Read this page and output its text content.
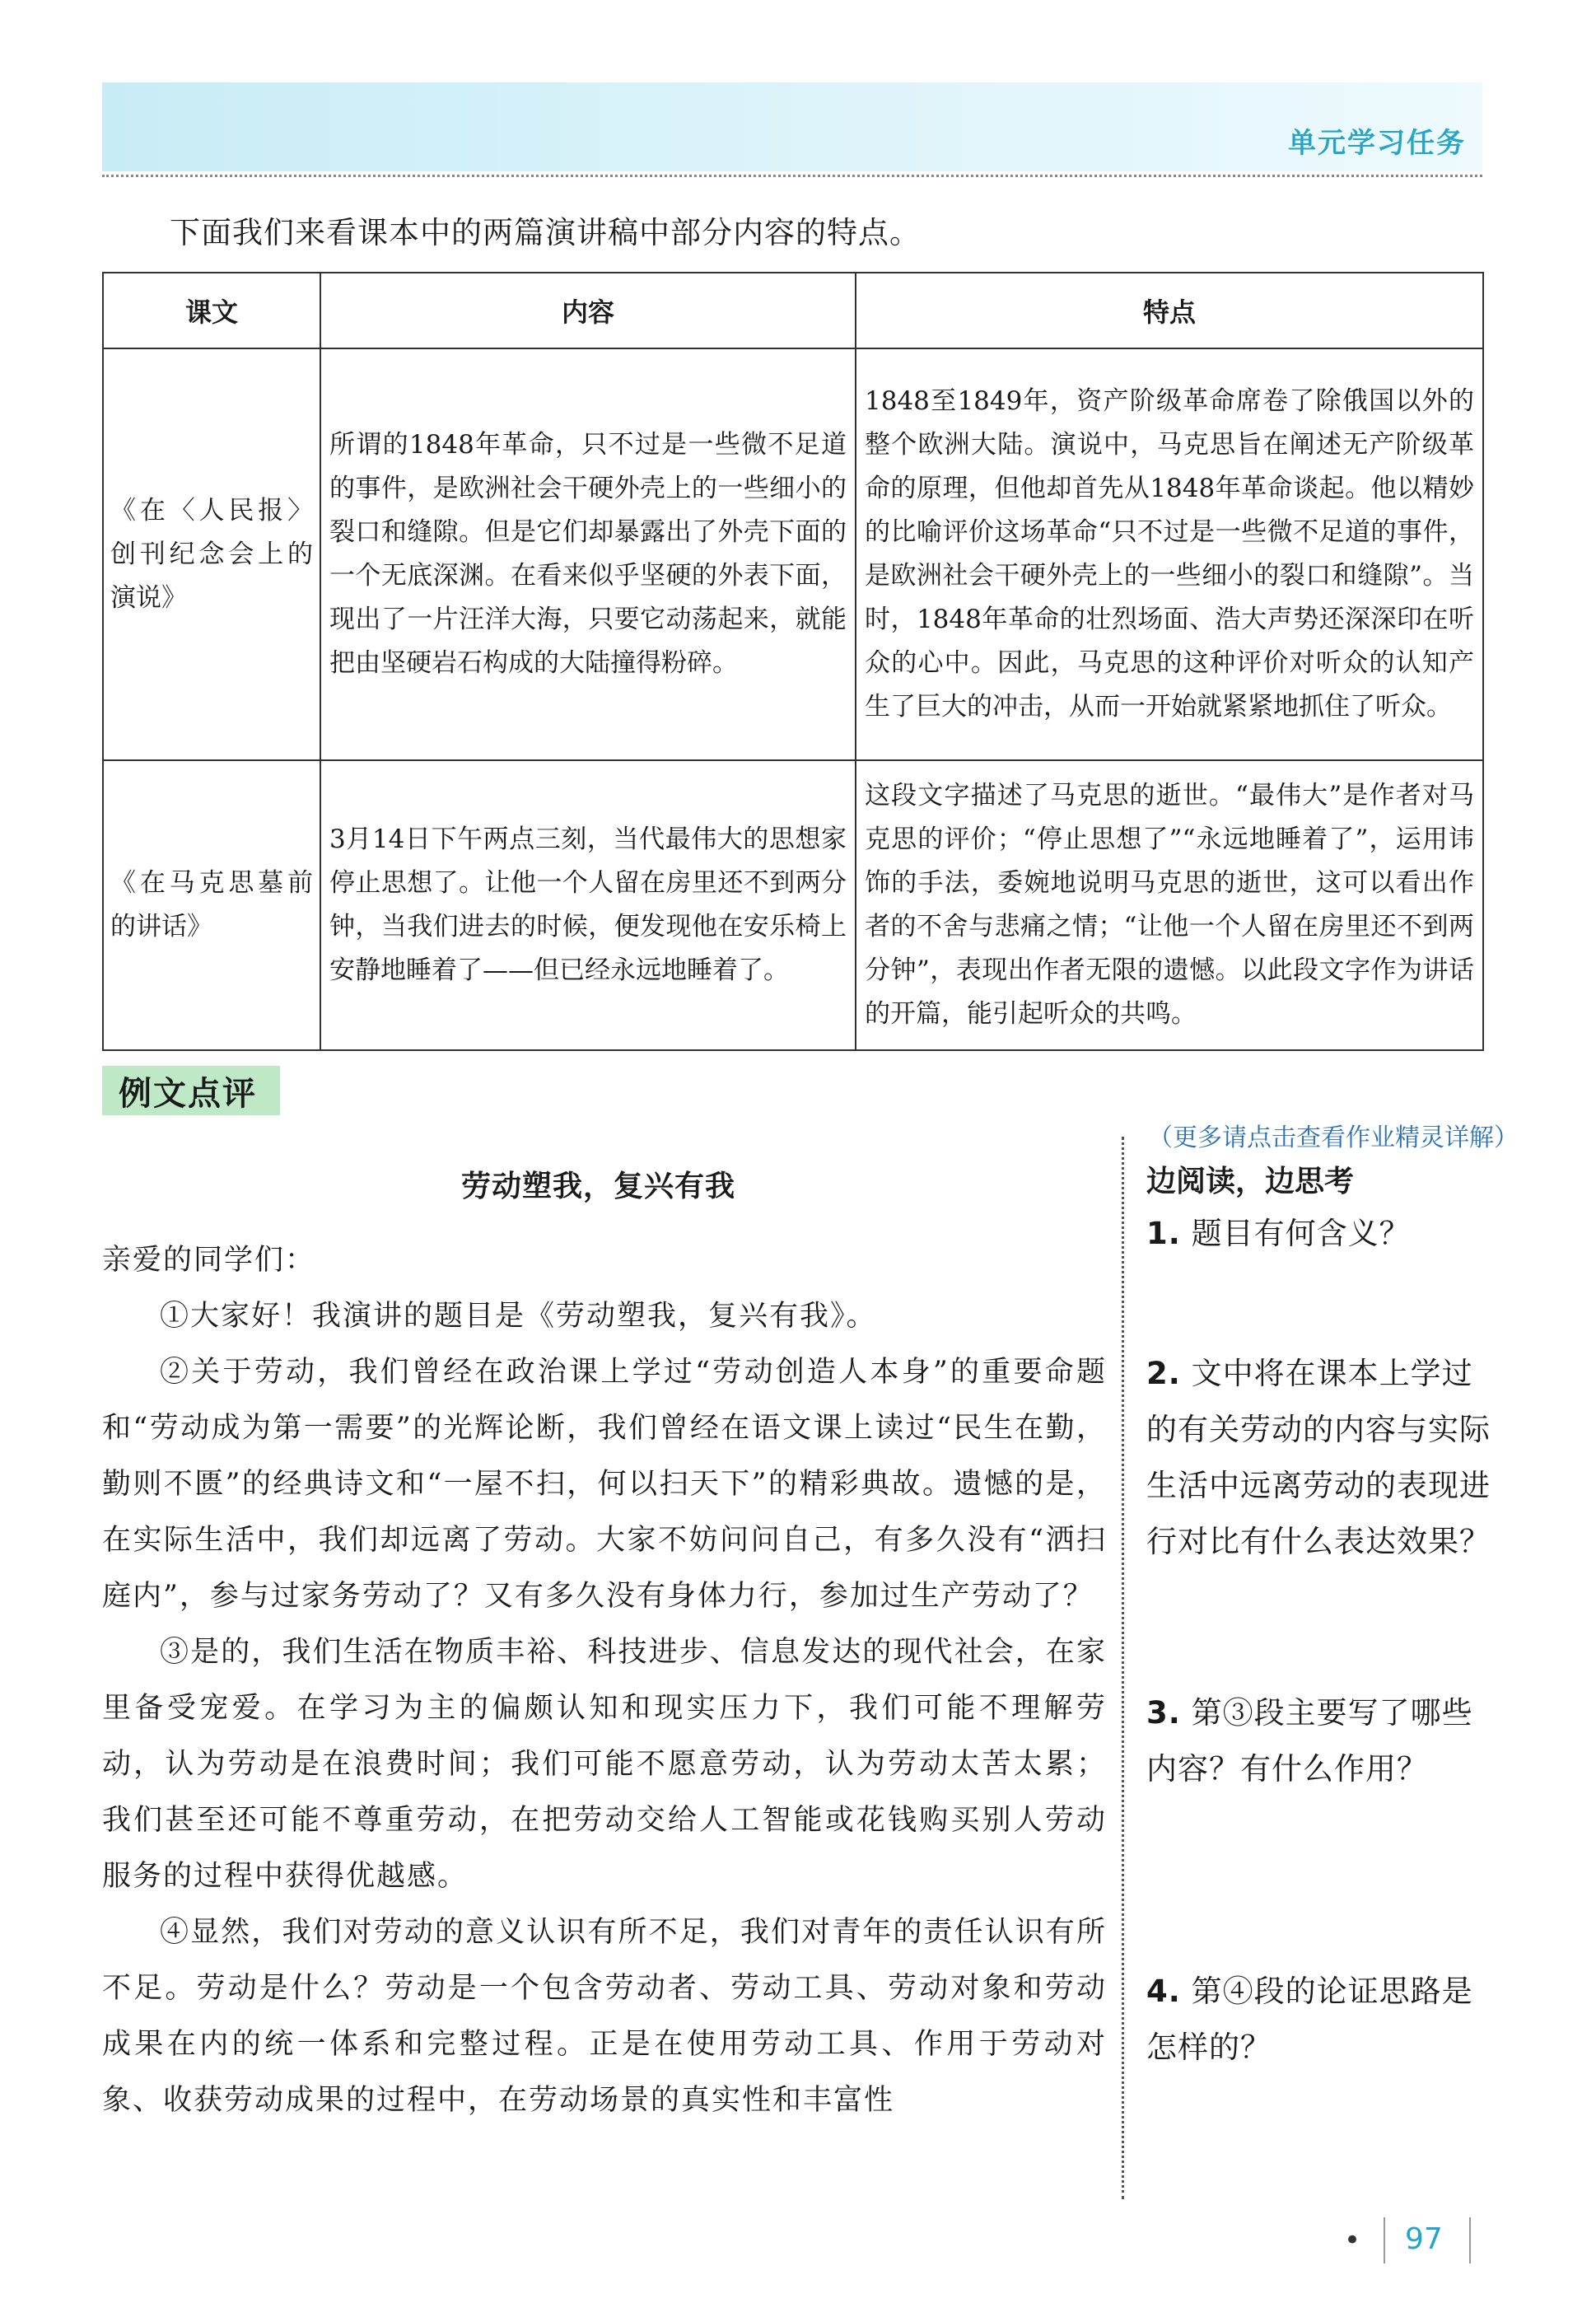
单元学习任务
下面我们来看课本中的两篇演讲稿中部分内容的特点。
课文	内容	特点
《在〈人民报〉创刊纪念会上的演说》	所谓的1848年革命，只不过是一些微不足道的事件，是欧洲社会干硬外壳上的一些细小的裂口和缝隙。但是它们却暴露出了外壳下面的一个无底深渊。在看来似乎坚硬的外表下面，现出了一片汪洋大海，只要它动荡起来，就能把由坚硬岩石构成的大陆撞得粉碎。	1848至1849年，资产阶级革命席卷了除俄国以外的整个欧洲大陆。演说中，马克思旨在阐述无产阶级革命的原理，但他却首先从1848年革命谈起。他以精妙的比喻评价这场革命“只不过是一些微不足道的事件，是欧洲社会干硬外壳上的一些细小的裂口和缝隙”。当时，1848年革命的壮烈场面、浩大声势还深深印在听众的心中。因此，马克思的这种评价对听众的认知产生了巨大的冲击，从而一开始就紧紧地抓住了听众。
《在马克思墓前的讲话》	3月14日下午两点三刻，当代最伟大的思想家停止思想了。让他一个人留在房里还不到两分钟，当我们进去的时候，便发现他在安乐椅上安静地睡着了——但已经永远地睡着了。	这段文字描述了马克思的逝世。“最伟大”是作者对马克思的评价；“停止思想了”“永远地睡着了”，运用讳饰的手法，委婉地说明马克思的逝世，这可以看出作者的不舍与悲痛之情；“让他一个人留在房里还不到两分钟”，表现出作者无限的遗憾。以此段文字作为讲话的开篇，能引起听众的共鸣。
例文点评
（更多请点击查看作业精灵详解）
劳动塑我，复兴有我

亲爱的同学们：

①大家好！我演讲的题目是《劳动塑我，复兴有我》。

②关于劳动，我们曾经在政治课上学过“劳动创造人本身”的重要命题和“劳动成为第一需要”的光辉论断，我们曾经在语文课上读过“民生在勤，勤则不匮”的经典诗文和“一屋不扫，何以扫天下”的精彩典故。遗憾的是，在实际生活中，我们却远离了劳动。大家不妨问问自己，有多久没有“洒扫庭内”，参与过家务劳动了？又有多久没有身体力行，参加过生产劳动了？

③是的，我们生活在物质丰裕、科技进步、信息发达的现代社会，在家里备受宠爱。在学习为主的偏颇认知和现实压力下，我们可能不理解劳动，认为劳动是在浪费时间；我们可能不愿意劳动，认为劳动太苦太累；我们甚至还可能不尊重劳动，在把劳动交给人工智能或花钱购买别人劳动服务的过程中获得优越感。

④显然，我们对劳动的意义认识有所不足，我们对青年的责任认识有所不足。劳动是什么？劳动是一个包含劳动者、劳动工具、劳动对象和劳动成果在内的统一体系和完整过程。正是在使用劳动工具、作用于劳动对象、收获劳动成果的过程中，在劳动场景的真实性和丰富性

边阅读，边思考
1. 题目有何含义？
2. 文中将在课本上学过的有关劳动的内容与实际生活中远离劳动的表现进行对比有什么表达效果？
3. 第③段主要写了哪些内容？有什么作用？
4. 第④段的论证思路是怎样的？
• 97
